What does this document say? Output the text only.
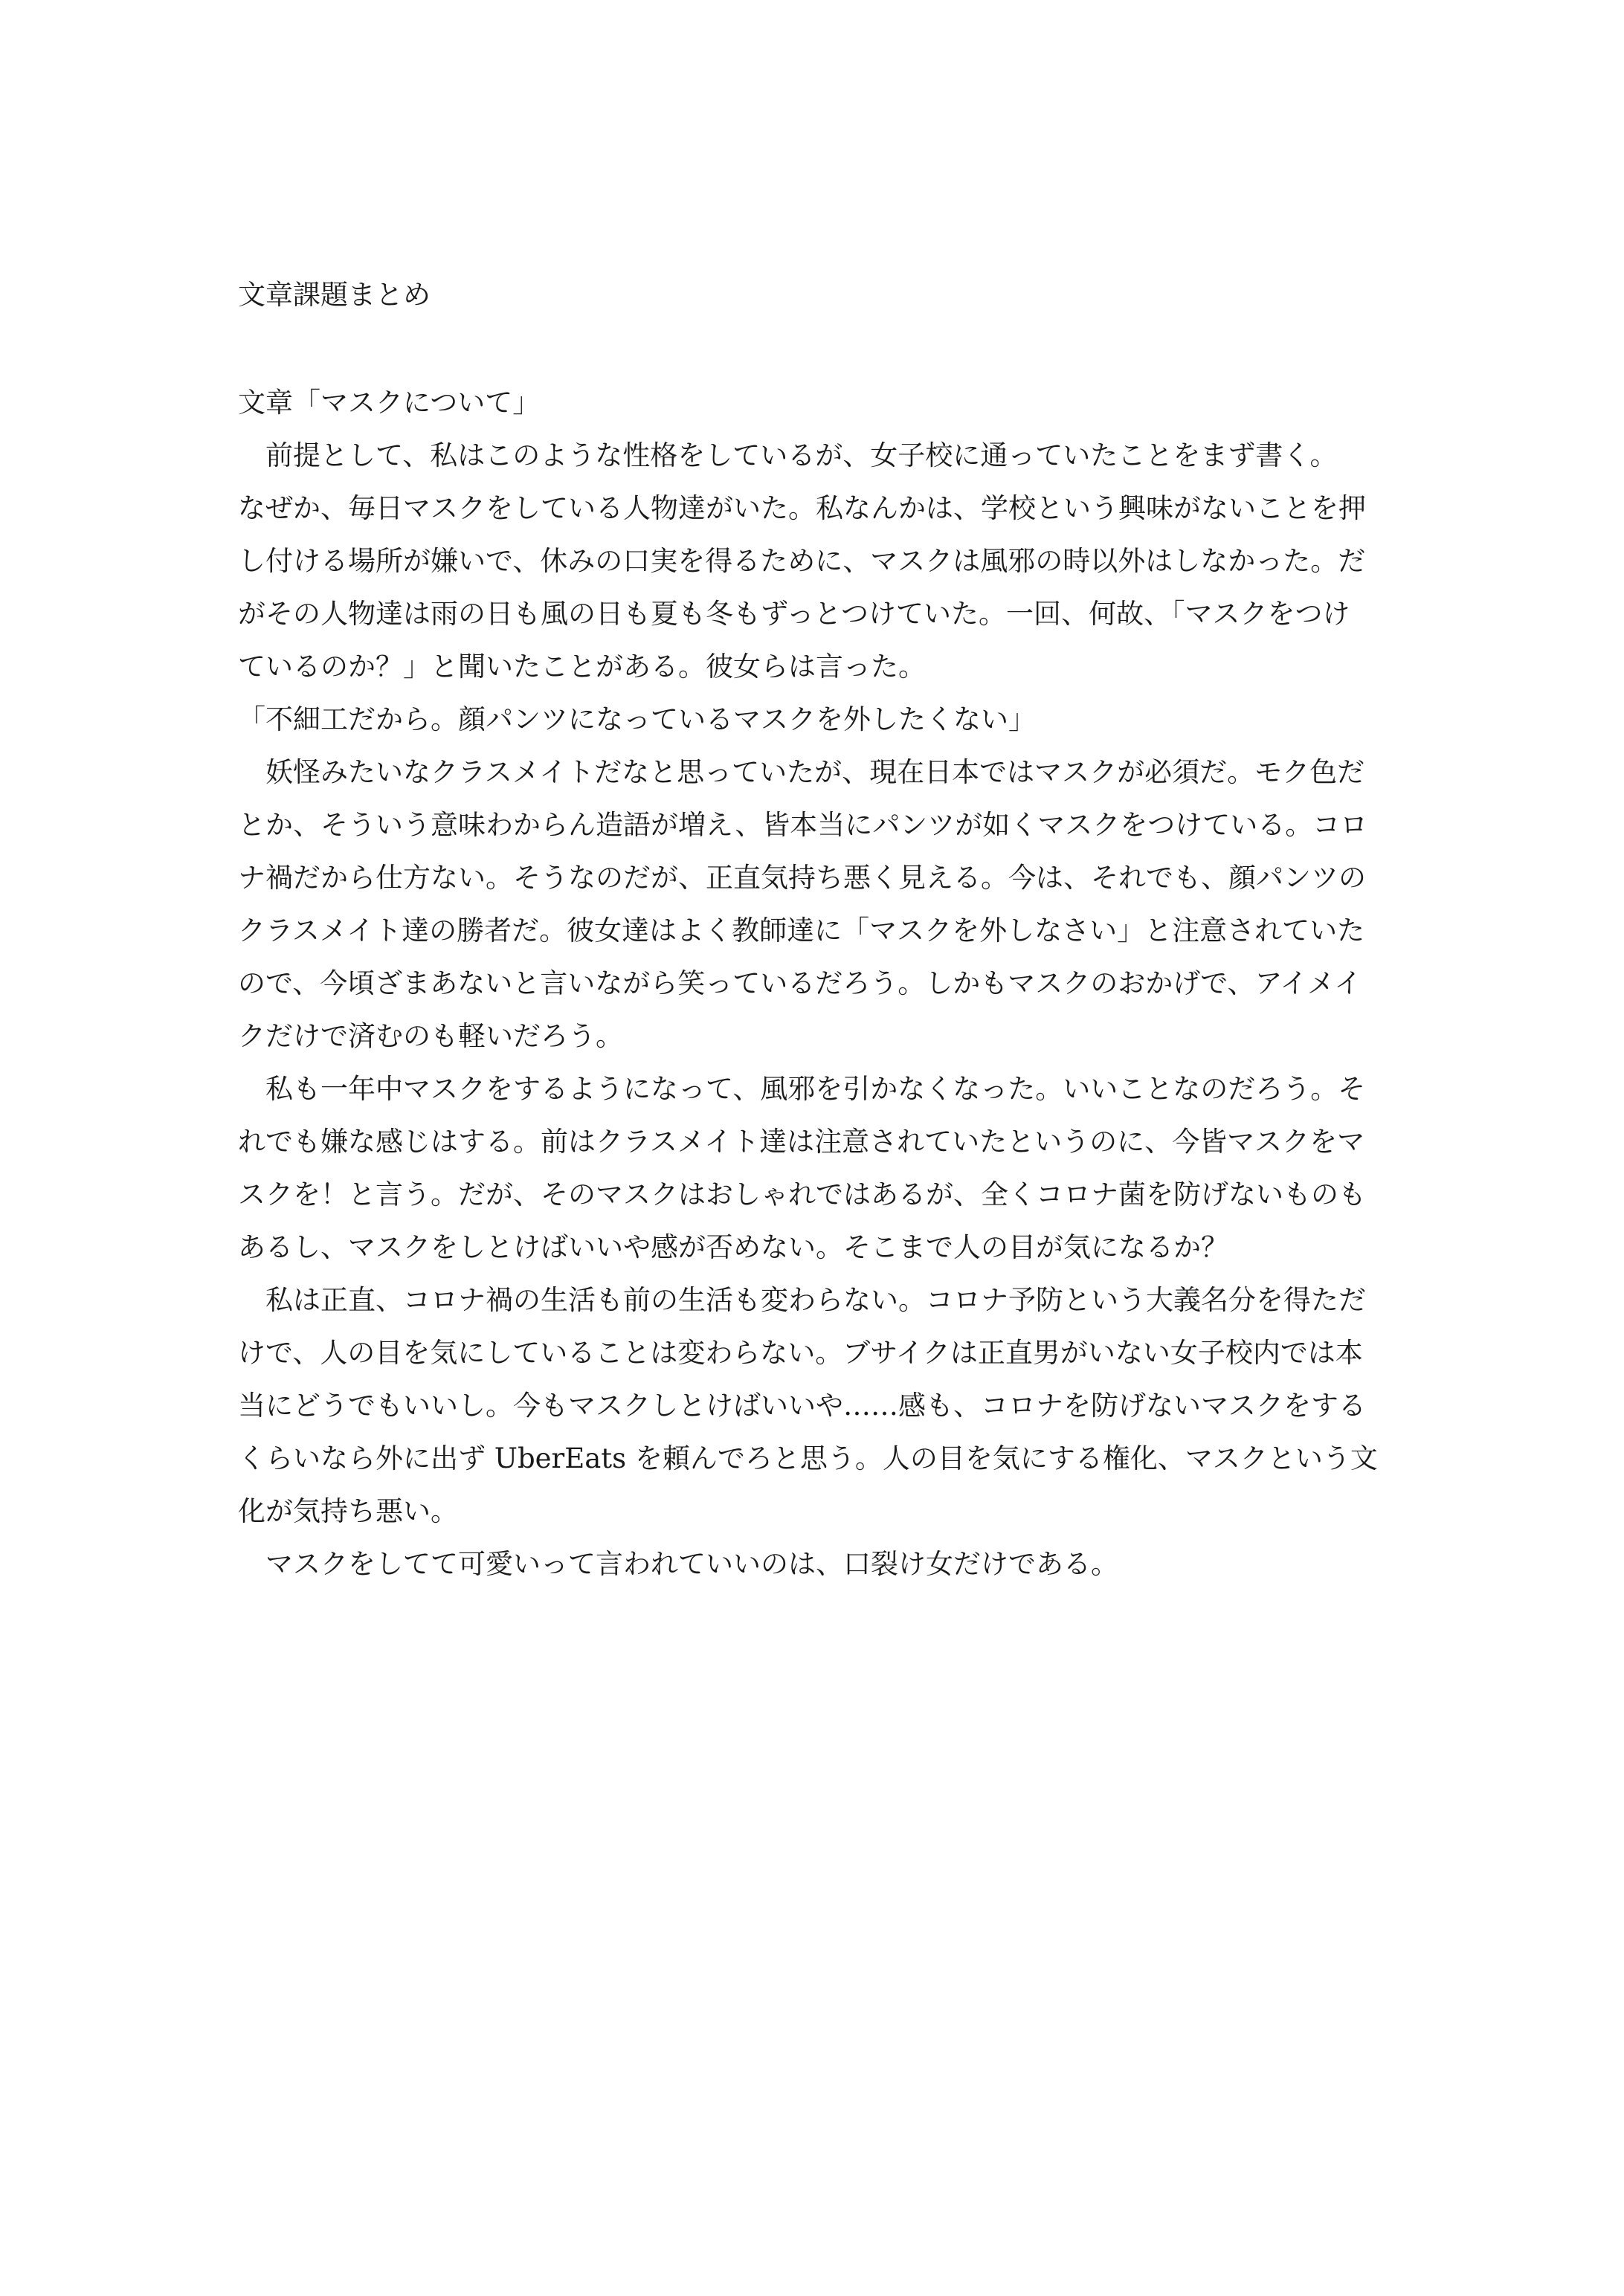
文章課題まとめ
文章「マスクについて」
　前提として、私はこのような性格をしているが、女子校に通っていたことをまず書く。
なぜか、毎日マスクをしている人物達がいた。私なんかは、学校という興味がないことを押
し付ける場所が嫌いで、休みの口実を得るために、マスクは風邪の時以外はしなかった。だ
がその人物達は雨の日も風の日も夏も冬もずっとつけていた。一回、何故、「マスクをつけ
ているのか？」と聞いたことがある。彼女らは言った。
「不細工だから。顔パンツになっているマスクを外したくない」
　妖怪みたいなクラスメイトだなと思っていたが、現在日本ではマスクが必須だ。モク色だ
とか、そういう意味わからん造語が増え、皆本当にパンツが如くマスクをつけている。コロ
ナ禍だから仕方ない。そうなのだが、正直気持ち悪く見える。今は、それでも、顔パンツの
クラスメイト達の勝者だ。彼女達はよく教師達に「マスクを外しなさい」と注意されていた
ので、今頃ざまあないと言いながら笑っているだろう。しかもマスクのおかげで、アイメイ
クだけで済むのも軽いだろう。
　私も一年中マスクをするようになって、風邪を引かなくなった。いいことなのだろう。そ
れでも嫌な感じはする。前はクラスメイト達は注意されていたというのに、今皆マスクをマ
スクを！と言う。だが、そのマスクはおしゃれではあるが、全くコロナ菌を防げないものも
あるし、マスクをしとけばいいや感が否めない。そこまで人の目が気になるか？
　私は正直、コロナ禍の生活も前の生活も変わらない。コロナ予防という大義名分を得ただ
けで、人の目を気にしていることは変わらない。ブサイクは正直男がいない女子校内では本
当にどうでもいいし。今もマスクしとけばいいや……感も、コロナを防げないマスクをする
くらいなら外に出ず UberEats を頼んでろと思う。人の目を気にする権化、マスクという文
化が気持ち悪い。
　マスクをしてて可愛いって言われていいのは、口裂け女だけである。
